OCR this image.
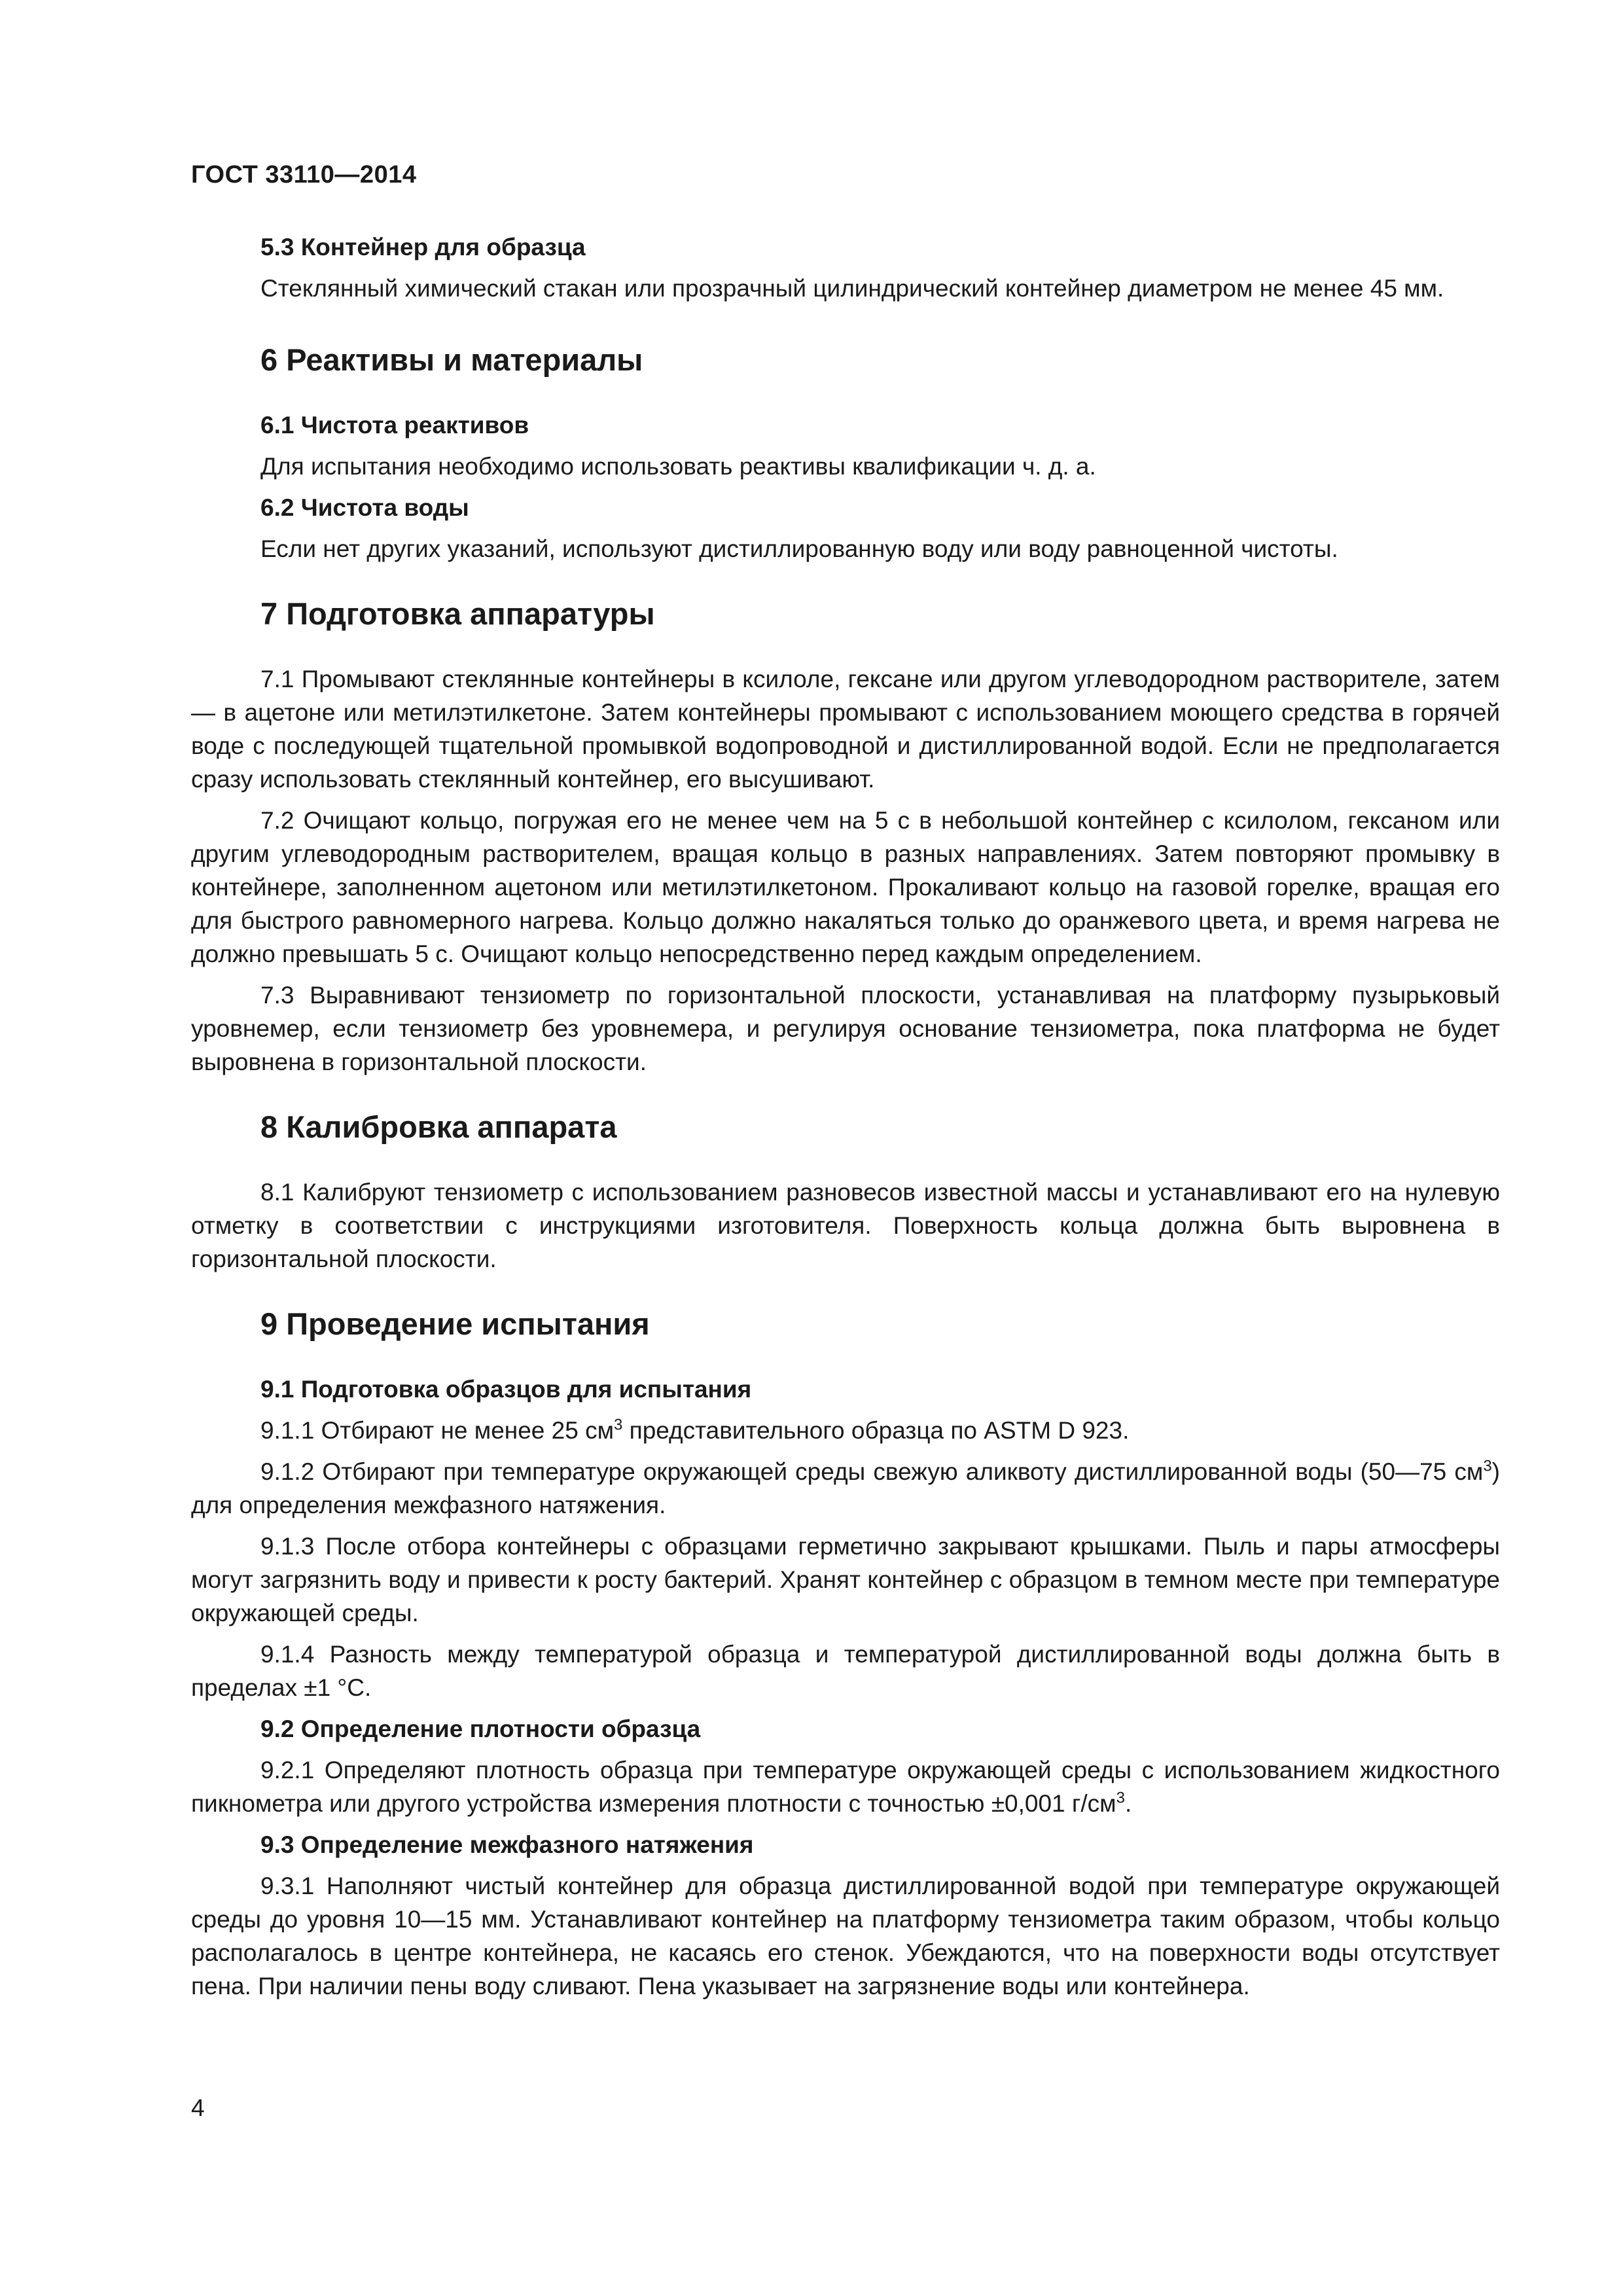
ГОСТ 33110—2014
5.3 Контейнер для образца
Стеклянный химический стакан или прозрачный цилиндрический контейнер диаметром не менее 45 мм.
6 Реактивы и материалы
6.1 Чистота реактивов
Для испытания необходимо использовать реактивы квалификации ч. д. а.
6.2 Чистота воды
Если нет других указаний, используют дистиллированную воду или воду равноценной чистоты.
7 Подготовка аппаратуры
7.1 Промывают стеклянные контейнеры в ксилоле, гексане или другом углеводородном растворителе, затем — в ацетоне или метилэтилкетоне. Затем контейнеры промывают с использованием моющего средства в горячей воде с последующей тщательной промывкой водопроводной и дистиллированной водой. Если не предполагается сразу использовать стеклянный контейнер, его высушивают.
7.2 Очищают кольцо, погружая его не менее чем на 5 с в небольшой контейнер с ксилолом, гексаном или другим углеводородным растворителем, вращая кольцо в разных направлениях. Затем повторяют промывку в контейнере, заполненном ацетоном или метилэтилкетоном. Прокаливают кольцо на газовой горелке, вращая его для быстрого равномерного нагрева. Кольцо должно накаляться только до оранжевого цвета, и время нагрева не должно превышать 5 с. Очищают кольцо непосредственно перед каждым определением.
7.3 Выравнивают тензиометр по горизонтальной плоскости, устанавливая на платформу пузырьковый уровнемер, если тензиометр без уровнемера, и регулируя основание тензиометра, пока платформа не будет выровнена в горизонтальной плоскости.
8 Калибровка аппарата
8.1 Калибруют тензиометр с использованием разновесов известной массы и устанавливают его на нулевую отметку в соответствии с инструкциями изготовителя. Поверхность кольца должна быть выровнена в горизонтальной плоскости.
9 Проведение испытания
9.1 Подготовка образцов для испытания
9.1.1 Отбирают не менее 25 $см^3$ представительного образца по ASTM D 923.
9.1.2 Отбирают при температуре окружающей среды свежую аликвоту дистиллированной воды (50—75 $см^3$) для определения межфазного натяжения.
9.1.3 После отбора контейнеры с образцами герметично закрывают крышками. Пыль и пары атмосферы могут загрязнить воду и привести к росту бактерий. Хранят контейнер с образцом в темном месте при температуре окружающей среды.
9.1.4 Разность между температурой образца и температурой дистиллированной воды должна быть в пределах ±1 °С.
9.2 Определение плотности образца
9.2.1 Определяют плотность образца при температуре окружающей среды с использованием жидкостного пикнометра или другого устройства измерения плотности с точностью ±0,001 $г/см^3$.
9.3 Определение межфазного натяжения
9.3.1 Наполняют чистый контейнер для образца дистиллированной водой при температуре окружающей среды до уровня 10—15 мм. Устанавливают контейнер на платформу тензиометра таким образом, чтобы кольцо располагалось в центре контейнера, не касаясь его стенок. Убеждаются, что на поверхности воды отсутствует пена. При наличии пены воду сливают. Пена указывает на загрязнение воды или контейнера.
4
